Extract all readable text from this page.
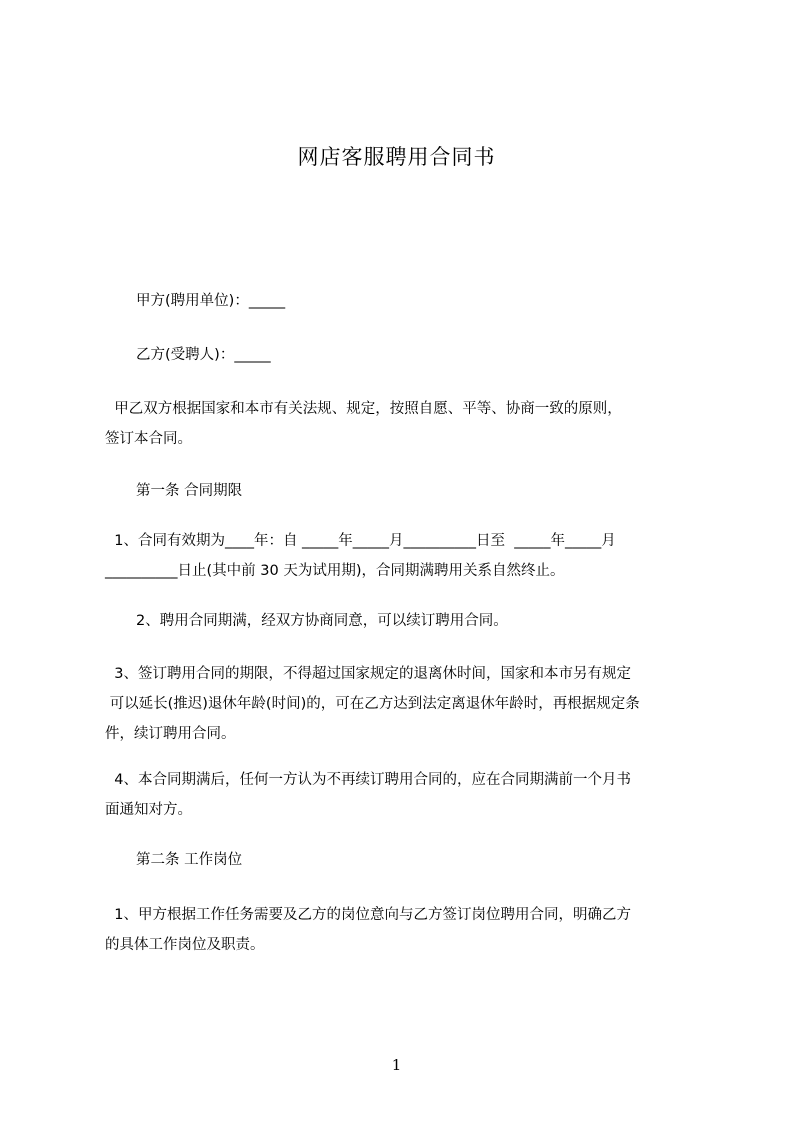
网店客服聘用合同书

甲方(聘用单位)：_____

乙方(受聘人)：_____

甲乙双方根据国家和本市有关法规、规定，按照自愿、平等、协商一致的原则，
签订本合同。

第一条 合同期限

1、合同有效期为____年：自 _____年_____月__________日至  _____年_____月
__________日止(其中前 30 天为试用期)，合同期满聘用关系自然终止。

2、聘用合同期满，经双方协商同意，可以续订聘用合同。

3、签订聘用合同的期限，不得超过国家规定的退离休时间，国家和本市另有规定
可以延长(推迟)退休年龄(时间)的，可在乙方达到法定离退休年龄时，再根据规定条
件，续订聘用合同。
4、本合同期满后，任何一方认为不再续订聘用合同的，应在合同期满前一个月书
面通知对方。

第二条 工作岗位

1、甲方根据工作任务需要及乙方的岗位意向与乙方签订岗位聘用合同，明确乙方
的具体工作岗位及职责。
1
